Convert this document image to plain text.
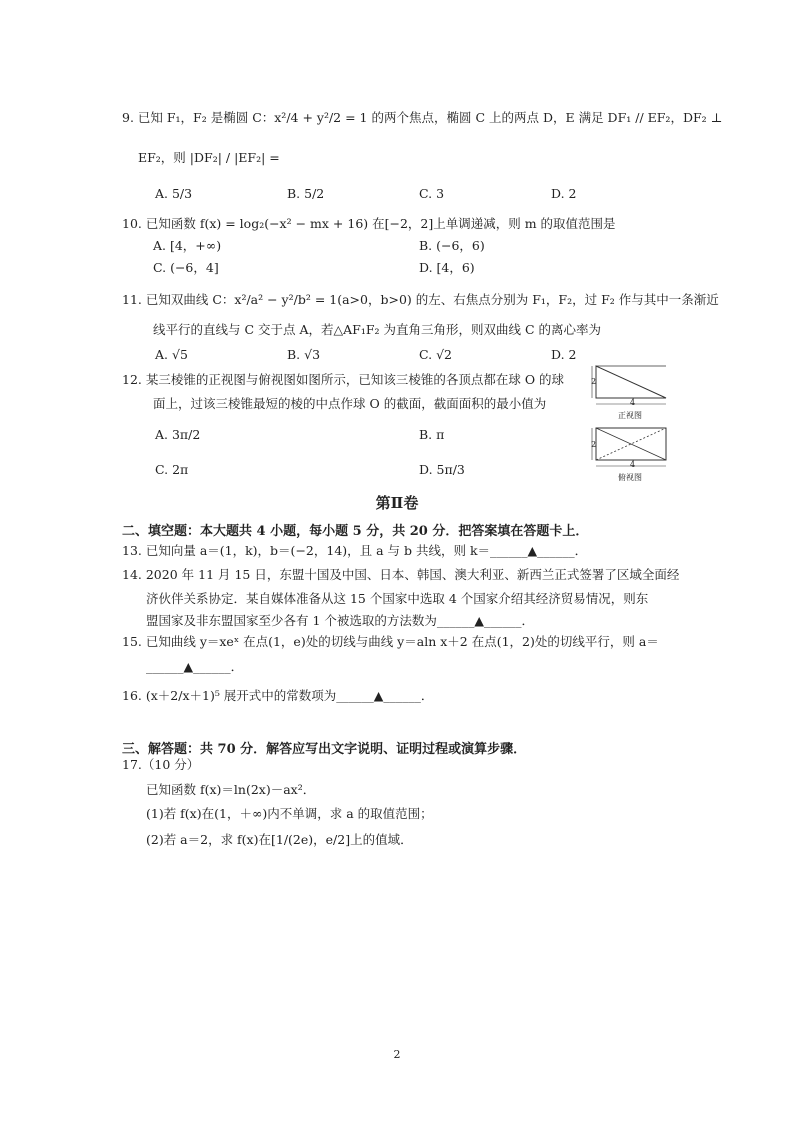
9. 已知 F₁，F₂ 是椭圆 C：x²/4 + y²/2 = 1 的两个焦点，椭圆 C 上的两点 D，E 满足 DF₁ // EF₂，DF₂ ⊥
EF₂，则 |DF₂| / |EF₂| =
A. 5/3	B. 5/2	C. 3	D. 2
10. 已知函数 f(x) = log₂(−x² − mx + 16) 在[−2，2]上单调递减，则 m 的取值范围是
A. [4，+∞)	B. (−6，6)
C. (−6，4]	D. [4，6)
11. 已知双曲线 C：x²/a² − y²/b² = 1(a>0，b>0) 的左、右焦点分别为 F₁，F₂，过 F₂ 作与其中一条渐近
线平行的直线与 C 交于点 A，若△AF₁F₂ 为直角三角形，则双曲线 C 的离心率为
A. √5	B. √3	C. √2	D. 2
12. 某三棱锥的正视图与俯视图如图所示，已知该三棱锥的各顶点都在球 O 的球
面上，过该三棱锥最短的棱的中点作球 O 的截面，截面面积的最小值为
A. 3π/2	B. π
C. 2π	D. 5π/3
2
4
正视图
2
4
俯视图
第Ⅱ卷
二、填空题：本大题共 4 小题，每小题 5 分，共 20 分．把答案填在答题卡上．
13. 已知向量 a＝(1，k)，b＝(−2，14)，且 a 与 b 共线，则 k＝______▲______．
14. 2020 年 11 月 15 日，东盟十国及中国、日本、韩国、澳大利亚、新西兰正式签署了区域全面经
济伙伴关系协定．某自媒体准备从这 15 个国家中选取 4 个国家介绍其经济贸易情况，则东
盟国家及非东盟国家至少各有 1 个被选取的方法数为______▲______．
15. 已知曲线 y＝xeˣ 在点(1，e)处的切线与曲线 y＝aln x＋2 在点(1，2)处的切线平行，则 a＝
______▲______．
16. (x＋2/x＋1)⁵ 展开式中的常数项为______▲______．
三、解答题：共 70 分．解答应写出文字说明、证明过程或演算步骤．
17.（10 分）
已知函数 f(x)＝ln(2x)－ax²．
(1)若 f(x)在(1，＋∞)内不单调，求 a 的取值范围；
(2)若 a＝2，求 f(x)在[1/(2e)，e/2]上的值域．
2
